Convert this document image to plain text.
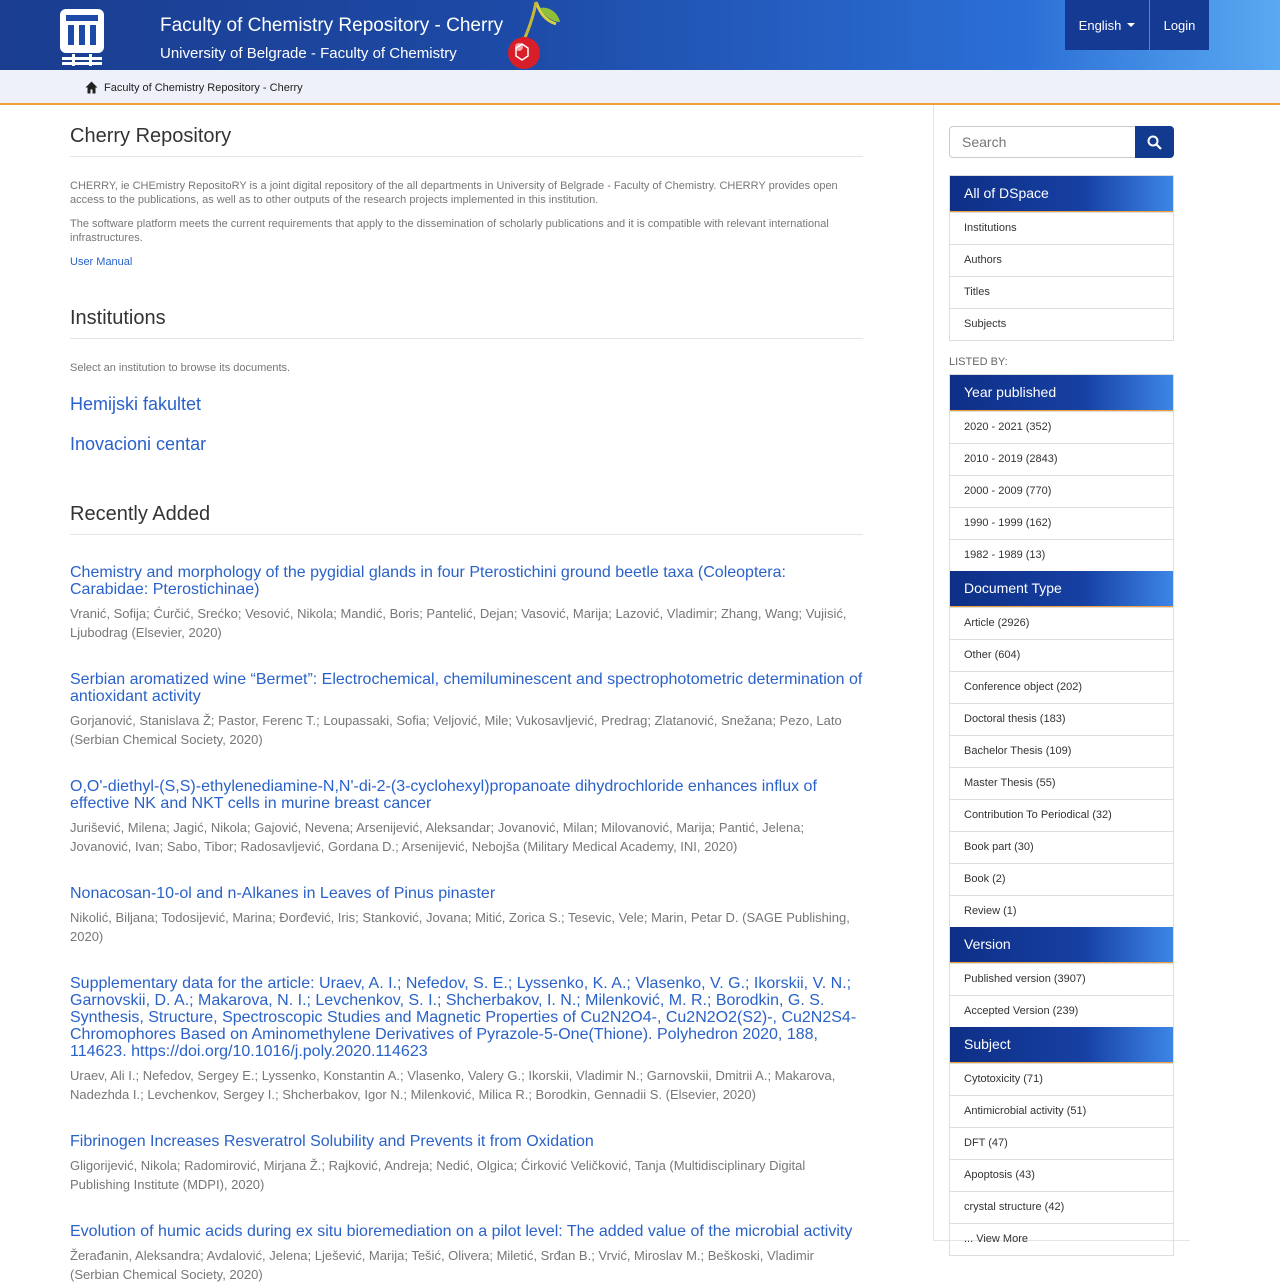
Faculty of Chemistry Repository - Cherry
University of Belgrade - Faculty of Chemistry
English	Login
Faculty of Chemistry Repository - Cherry
Cherry Repository
CHERRY, ie CHEmistry RepositoRY is a joint digital repository of the all departments in University of Belgrade - Faculty of Chemistry. CHERRY provides open access to the publications, as well as to other outputs of the research projects implemented in this institution.
The software platform meets the current requirements that apply to the dissemination of scholarly publications and it is compatible with relevant international infrastructures.
User Manual
Institutions
Select an institution to browse its documents.
Hemijski fakultet
Inovacioni centar
Recently Added
Chemistry and morphology of the pygidial glands in four Pterostichini ground beetle taxa (Coleoptera: Carabidae: Pterostichinae)
Vranić, Sofija; Ćurčić, Srećko; Vesović, Nikola; Mandić, Boris; Pantelić, Dejan; Vasović, Marija; Lazović, Vladimir; Zhang, Wang; Vujisić, Ljubodrag (Elsevier, 2020)
Serbian aromatized wine “Bermet”: Electrochemical, chemiluminescent and spectrophotometric determination of antioxidant activity
Gorjanović, Stanislava Ž; Pastor, Ferenc T.; Loupassaki, Sofia; Veljović, Mile; Vukosavljević, Predrag; Zlatanović, Snežana; Pezo, Lato (Serbian Chemical Society, 2020)
O,O'-diethyl-(S,S)-ethylenediamine-N,N'-di-2-(3-cyclohexyl)propanoate dihydrochloride enhances influx of effective NK and NKT cells in murine breast cancer
Jurišević, Milena; Jagić, Nikola; Gajović, Nevena; Arsenijević, Aleksandar; Jovanović, Milan; Milovanović, Marija; Pantić, Jelena; Jovanović, Ivan; Sabo, Tibor; Radosavljević, Gordana D.; Arsenijević, Nebojša (Military Medical Academy, INI, 2020)
Nonacosan-10-ol and n-Alkanes in Leaves of Pinus pinaster
Nikolić, Biljana; Todosijević, Marina; Đorđević, Iris; Stanković, Jovana; Mitić, Zorica S.; Tesevic, Vele; Marin, Petar D. (SAGE Publishing, 2020)
Supplementary data for the article: Uraev, A. I.; Nefedov, S. E.; Lyssenko, K. A.; Vlasenko, V. G.; Ikorskii, V. N.; Garnovskii, D. A.; Makarova, N. I.; Levchenkov, S. I.; Shcherbakov, I. N.; Milenković, M. R.; Borodkin, G. S. Synthesis, Structure, Spectroscopic Studies and Magnetic Properties of Cu2N2O4-, Cu2N2O2(S2)-, Cu2N2S4-Chromophores Based on Aminomethylene Derivatives of Pyrazole-5-One(Thione). Polyhedron 2020, 188, 114623. https://doi.org/10.1016/j.poly.2020.114623
Uraev, Ali I.; Nefedov, Sergey E.; Lyssenko, Konstantin A.; Vlasenko, Valery G.; Ikorskii, Vladimir N.; Garnovskii, Dmitrii A.; Makarova, Nadezhda I.; Levchenkov, Sergey I.; Shcherbakov, Igor N.; Milenković, Milica R.; Borodkin, Gennadii S. (Elsevier, 2020)
Fibrinogen Increases Resveratrol Solubility and Prevents it from Oxidation
Gligorijević, Nikola; Radomirović, Mirjana Ž.; Rajković, Andreja; Nedić, Olgica; Ćirković Veličković, Tanja (Multidisciplinary Digital Publishing Institute (MDPI), 2020)
Evolution of humic acids during ex situ bioremediation on a pilot level: The added value of the microbial activity
Žerađanin, Aleksandra; Avdalović, Jelena; Lješević, Marija; Tešić, Olivera; Miletić, Srđan B.; Vrvić, Miroslav M.; Beškoski, Vladimir (Serbian Chemical Society, 2020)
Search
All of DSpace
Institutions
Authors
Titles
Subjects
LISTED BY:
Year published
2020 - 2021 (352)
2010 - 2019 (2843)
2000 - 2009 (770)
1990 - 1999 (162)
1982 - 1989 (13)
Document Type
Article (2926)
Other (604)
Conference object (202)
Doctoral thesis (183)
Bachelor Thesis (109)
Master Thesis (55)
Contribution To Periodical (32)
Book part (30)
Book (2)
Review (1)
Version
Published version (3907)
Accepted Version (239)
Subject
Cytotoxicity (71)
Antimicrobial activity (51)
DFT (47)
Apoptosis (43)
crystal structure (42)
... View More
